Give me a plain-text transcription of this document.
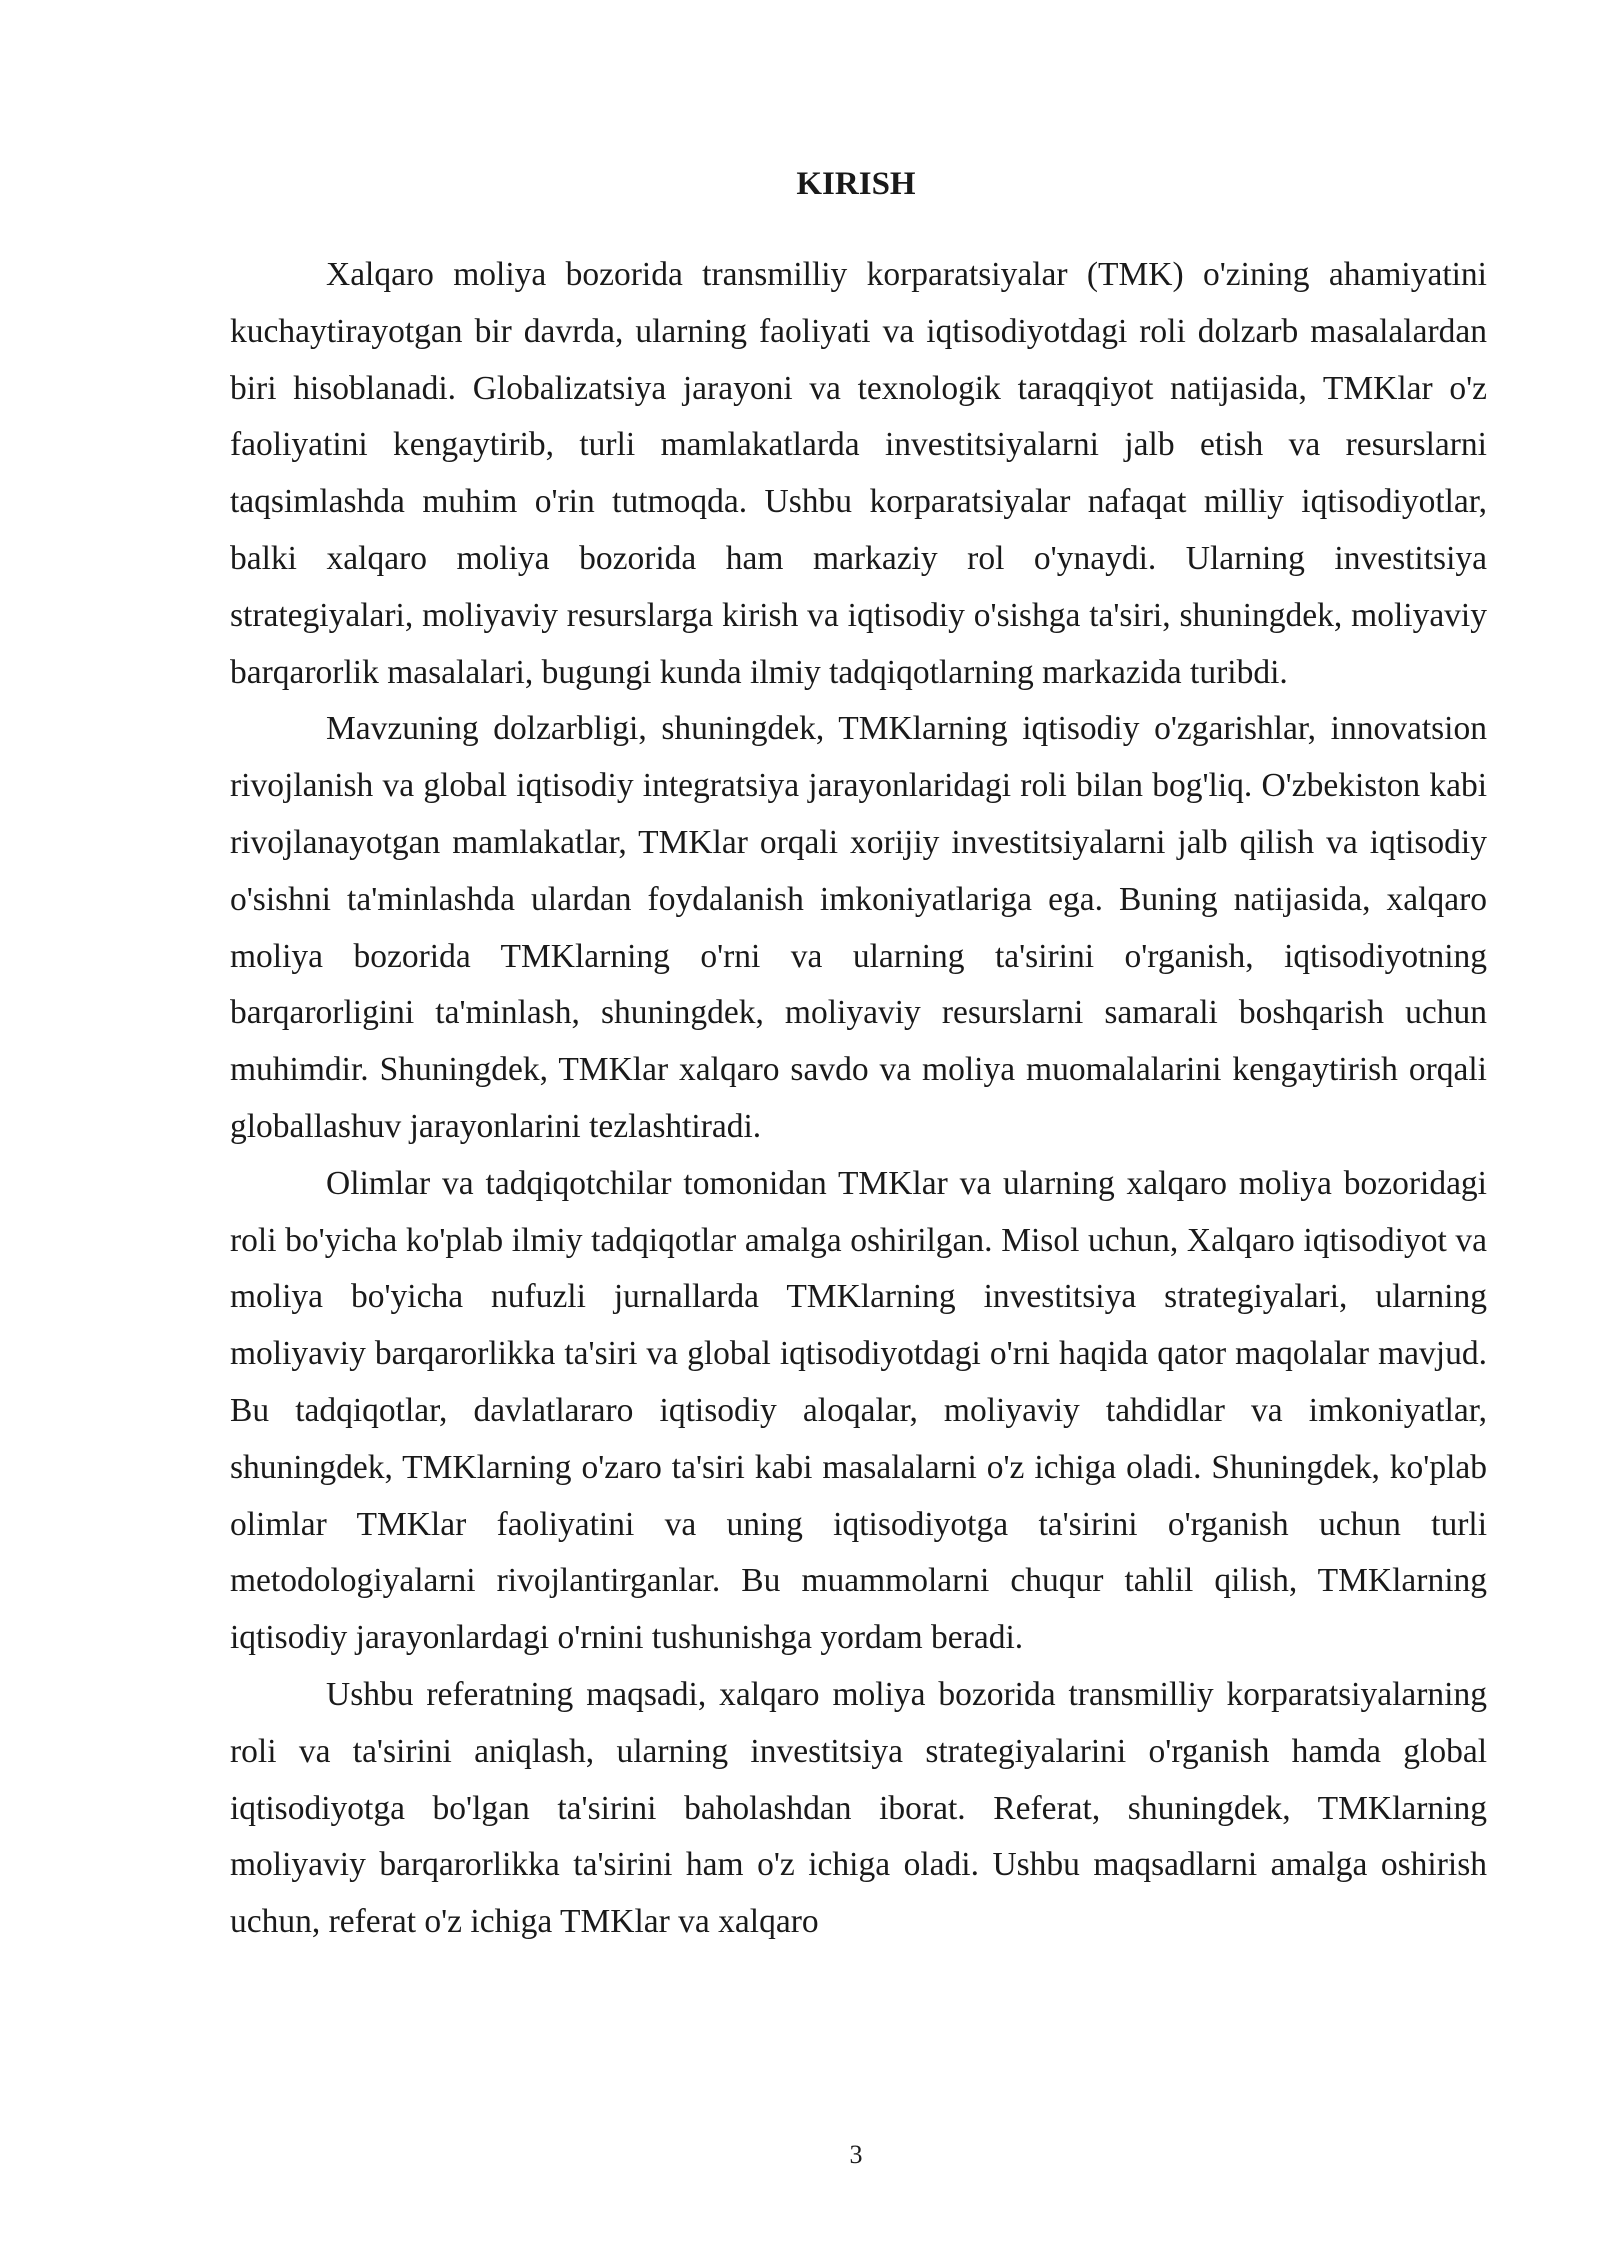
KIRISH

Xalqaro moliya bozorida transmilliy korparatsiyalar (TMK) o'zining ahamiyatini kuchaytirayotgan bir davrda, ularning faoliyati va iqtisodiyotdagi roli dolzarb masalalardan biri hisoblanadi. Globalizatsiya jarayoni va texnologik taraqqiyot natijasida, TMKlar o'z faoliyatini kengaytirib, turli mamlakatlarda investitsiyalarni jalb etish va resurslarni taqsimlashda muhim o'rin tutmoqda. Ushbu korparatsiyalar nafaqat milliy iqtisodiyotlar, balki xalqaro moliya bozorida ham markaziy rol o'ynaydi. Ularning investitsiya strategiyalari, moliyaviy resurslarga kirish va iqtisodiy o'sishga ta'siri, shuningdek, moliyaviy barqarorlik masalalari, bugungi kunda ilmiy tadqiqotlarning markazida turibdi.

Mavzuning dolzarbligi, shuningdek, TMKlarning iqtisodiy o'zgarishlar, innovatsion rivojlanish va global iqtisodiy integratsiya jarayonlaridagi roli bilan bog'liq. O'zbekiston kabi rivojlanayotgan mamlakatlar, TMKlar orqali xorijiy investitsiyalarni jalb qilish va iqtisodiy o'sishni ta'minlashda ulardan foydalanish imkoniyatlariga ega. Buning natijasida, xalqaro moliya bozorida TMKlarning o'rni va ularning ta'sirini o'rganish, iqtisodiyotning barqarorligini ta'minlash, shuningdek, moliyaviy resurslarni samarali boshqarish uchun muhimdir. Shuningdek, TMKlar xalqaro savdo va moliya muomalalarini kengaytirish orqali globallashuv jarayonlarini tezlashtiradi.

Olimlar va tadqiqotchilar tomonidan TMKlar va ularning xalqaro moliya bozoridagi roli bo'yicha ko'plab ilmiy tadqiqotlar amalga oshirilgan. Misol uchun, Xalqaro iqtisodiyot va moliya bo'yicha nufuzli jurnallarda TMKlarning investitsiya strategiyalari, ularning moliyaviy barqarorlikka ta'siri va global iqtisodiyotdagi o'rni haqida qator maqolalar mavjud. Bu tadqiqotlar, davlatlararo iqtisodiy aloqalar, moliyaviy tahdidlar va imkoniyatlar, shuningdek, TMKlarning o'zaro ta'siri kabi masalalarni o'z ichiga oladi. Shuningdek, ko'plab olimlar TMKlar faoliyatini va uning iqtisodiyotga ta'sirini o'rganish uchun turli metodologiyalarni rivojlantirganlar. Bu muammolarni chuqur tahlil qilish, TMKlarning iqtisodiy jarayonlardagi o'rnini tushunishga yordam beradi.

Ushbu referatning maqsadi, xalqaro moliya bozorida transmilliy korparatsiyalarning roli va ta'sirini aniqlash, ularning investitsiya strategiyalarini o'rganish hamda global iqtisodiyotga bo'lgan ta'sirini baholashdan iborat. Referat, shuningdek, TMKlarning moliyaviy barqarorlikka ta'sirini ham o'z ichiga oladi. Ushbu maqsadlarni amalga oshirish uchun, referat o'z ichiga TMKlar va xalqaro

3
